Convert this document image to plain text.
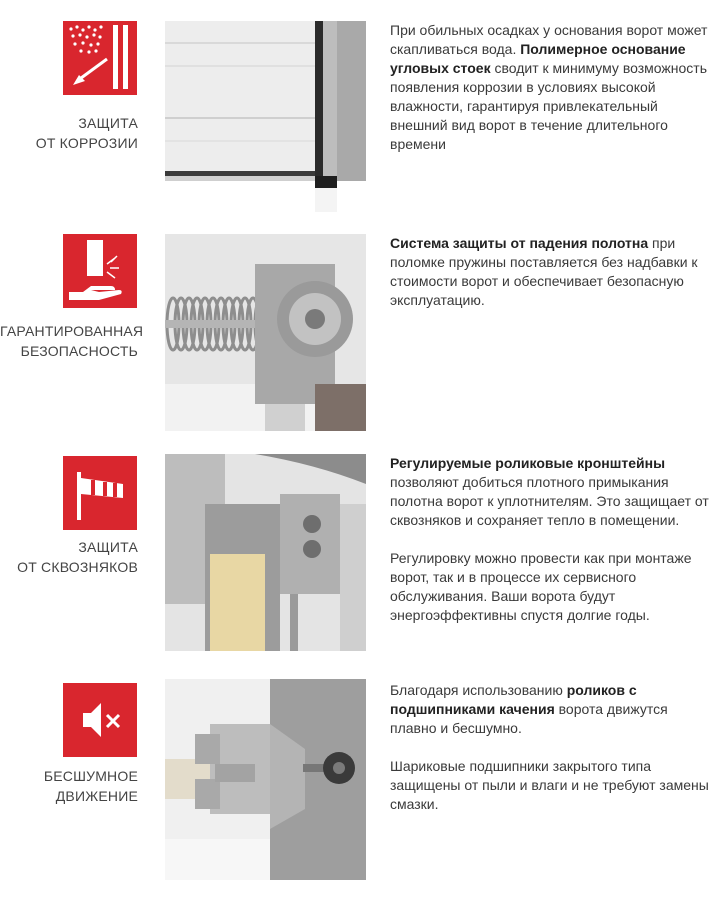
ЗАЩИТА
ОТ КОРРОЗИИ

При обильных осадках у основания ворот может скапливаться вода. Полимерное основание угловых стоек сводит к минимуму возможность появления коррозии в условиях высокой влажности, гарантируя привлекательный внешний вид ворот в течение длительного времени

ГАРАНТИРОВАННАЯ
БЕЗОПАСНОСТЬ

Система защиты от падения полотна при поломке пружины поставляется без надбавки к стоимости ворот и обеспечивает безопасную эксплуатацию.

ЗАЩИТА
ОТ СКВОЗНЯКОВ

Регулируемые роликовые кронштейны позволяют добиться плотного примыкания полотна ворот к уплотнителям. Это защищает от сквозняков и сохраняет тепло в помещении.

Регулировку можно провести как при монтаже ворот, так и в процессе их сервисного обслуживания. Ваши ворота будут энергоэффективны спустя долгие годы.

БЕСШУМНОЕ
ДВИЖЕНИЕ

Благодаря использованию роликов с подшипниками качения ворота движутся плавно и бесшумно.

Шариковые подшипники закрытого типа защищены от пыли и влаги и не требуют замены смазки.
